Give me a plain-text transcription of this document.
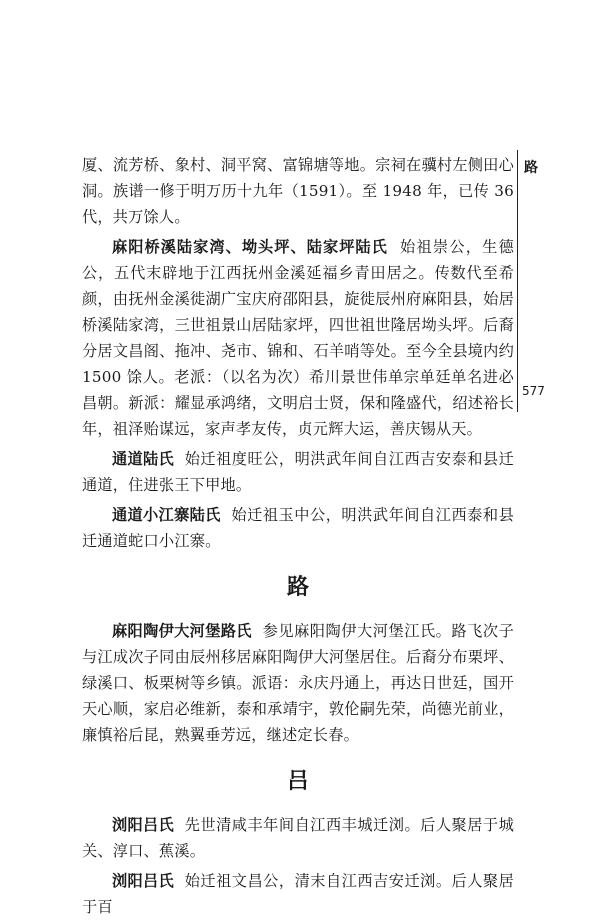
路
577

厦、流芳桥、象村、洞平窝、富锦塘等地。宗祠在骥村左侧田心洞。族谱一修于明万历十九年（1591）。至 1948 年，已传 36 代，共万馀人。

麻阳桥溪陆家湾、坳头坪、陆家坪陆氏 始祖崇公，生德公，五代末辟地于江西抚州金溪延福乡青田居之。传数代至希颜，由抚州金溪徙湖广宝庆府邵阳县，旋徙辰州府麻阳县，始居桥溪陆家湾，三世祖景山居陆家坪，四世祖世隆居坳头坪。后裔分居文昌阁、拖冲、尧市、锦和、石羊哨等处。至今全县境内约 1500 馀人。老派：（以名为次）希川景世伟单宗单廷单名进必昌朝。新派：耀显承鸿绪，文明启士贤，保和隆盛代，绍述裕长年，祖泽贻谋远，家声孝友传，贞元辉大运，善庆锡从天。

通道陆氏 始迁祖度旺公，明洪武年间自江西吉安泰和县迁通道，住进张王下甲地。

通道小江寨陆氏 始迁祖玉中公，明洪武年间自江西泰和县迁通道蛇口小江寨。

路

麻阳陶伊大河堡路氏 参见麻阳陶伊大河堡江氏。路飞次子与江成次子同由辰州移居麻阳陶伊大河堡居住。后裔分布栗坪、绿溪口、板栗树等乡镇。派语：永庆丹通上，再达日世廷，国开天心顺，家启必维新，泰和承靖宇，敦伦嗣先荣，尚德光前业，廉慎裕后昆，熟翼垂芳远，继述定长春。

吕

浏阳吕氏 先世清咸丰年间自江西丰城迁浏。后人聚居于城关、淳口、蕉溪。

浏阳吕氏 始迁祖文昌公，清末自江西吉安迁浏。后人聚居于百
